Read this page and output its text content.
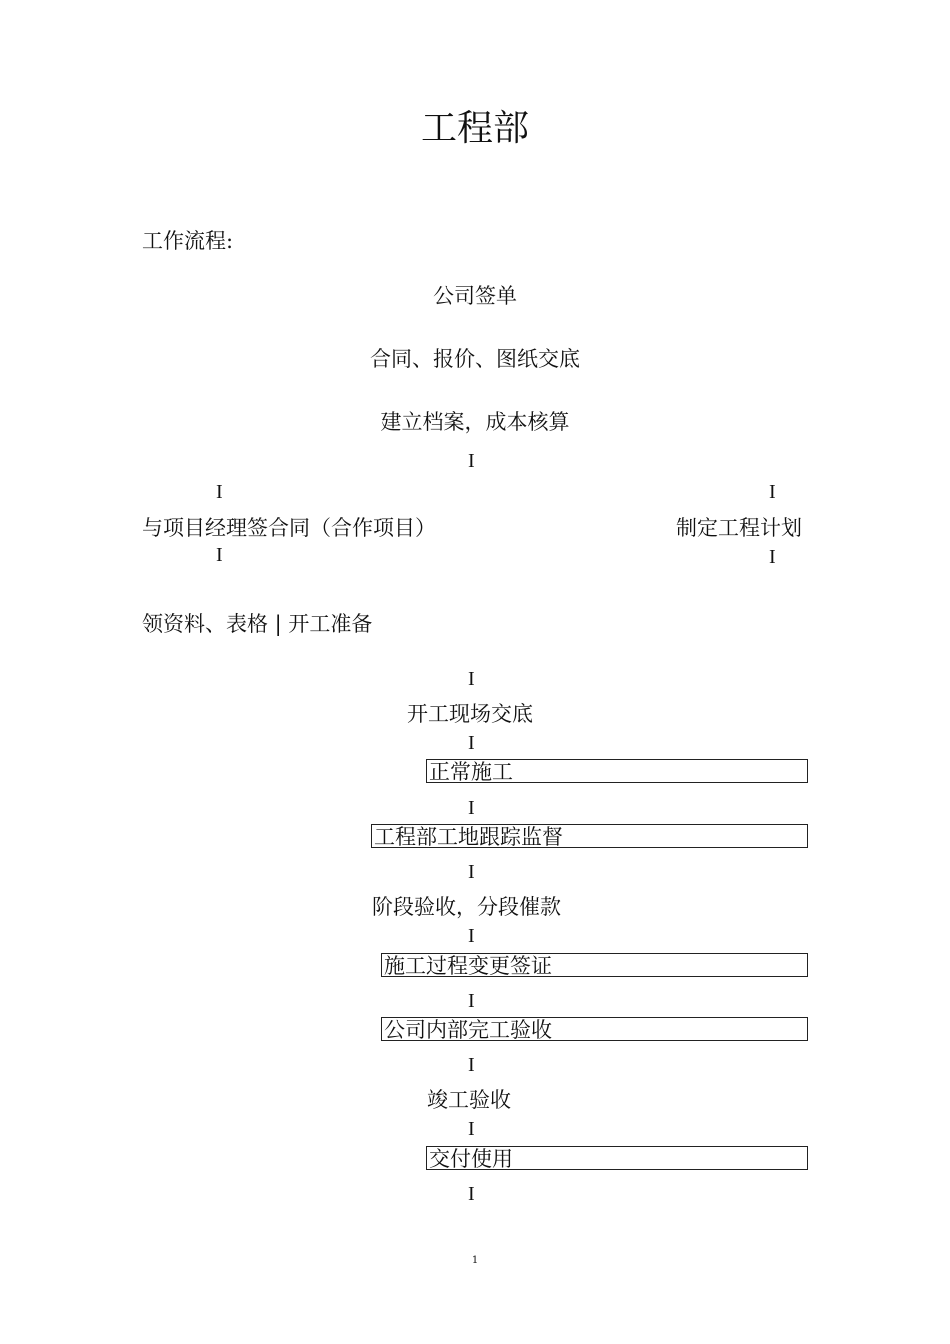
工程部
工作流程:
公司签单
合同、报价、图纸交底
建立档案，成本核算
I
I	I
与项目经理签合同（合作项目）	制定工程计划
I	I
领资料、表格 | 开工准备
I
开工现场交底
I
正常施工
I
工程部工地跟踪监督
I
阶段验收，分段催款
I
施工过程变更签证
I
公司内部完工验收
I
竣工验收
I
交付使用
I
1
